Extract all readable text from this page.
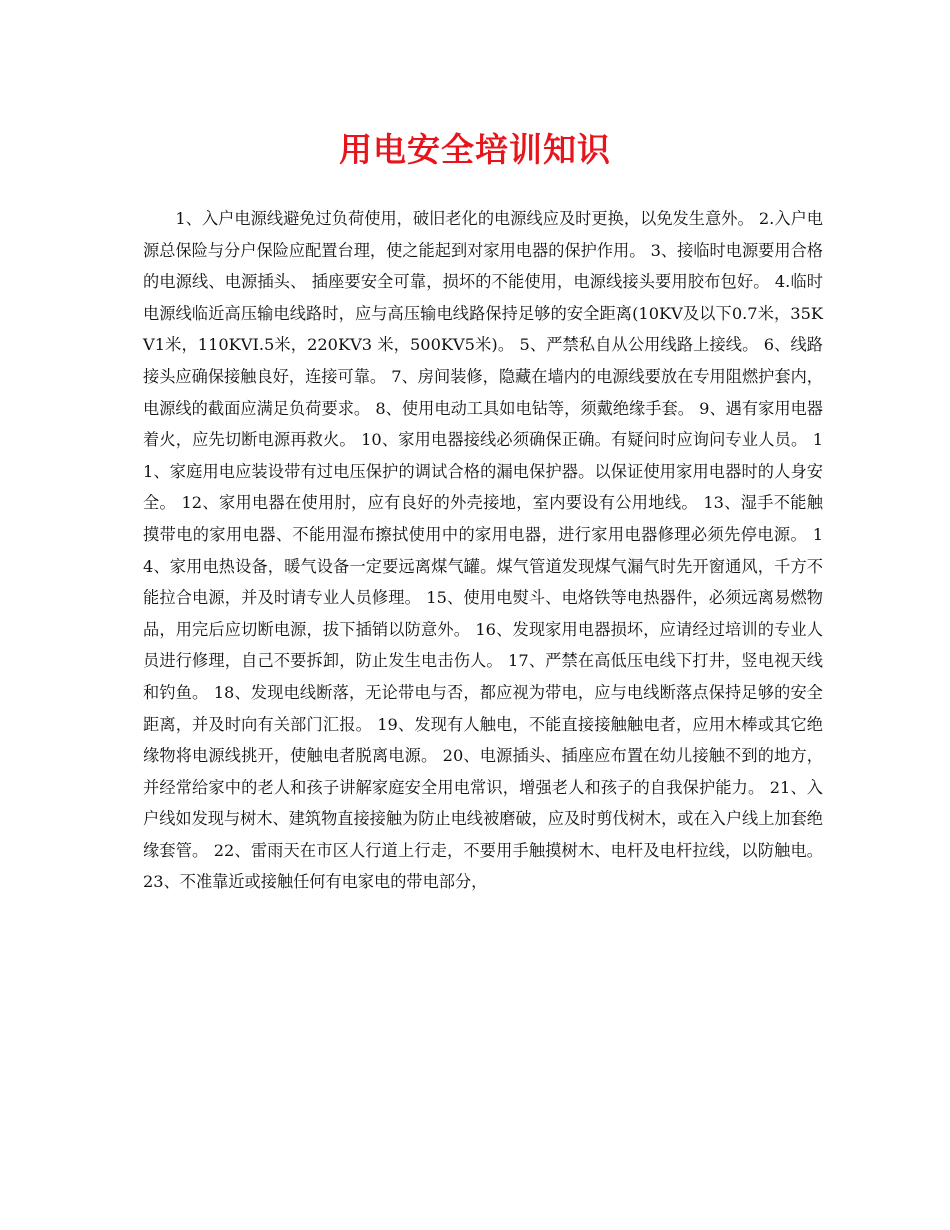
用电安全培训知识

1、入户电源线避免过负荷使用，破旧老化的电源线应及时更换，以免发生意外。 2.入户电源总保险与分户保险应配置台理，使之能起到对家用电器的保护作用。 3、接临时电源要用合格的电源线、电源插头、 插座要安全可靠，损坏的不能使用，电源线接头要用胶布包好。 4.临时电源线临近高压输电线路时，应与高压输电线路保持足够的安全距离(10KV及以下0.7米，35KV1米，110KVI.5米，220KV3 米，500KV5米)。 5、严禁私自从公用线路上接线。 6、线路接头应确保接触良好，连接可靠。 7、房间装修，隐藏在墙内的电源线要放在专用阻燃护套内，电源线的截面应满足负荷要求。 8、使用电动工具如电钻等，须戴绝缘手套。 9、遇有家用电器着火，应先切断电源再救火。 10、家用电器接线必须确保正确。有疑问时应询问专业人员。 11、家庭用电应装设带有过电压保护的调试合格的漏电保护器。以保证使用家用电器时的人身安全。 12、家用电器在使用肘，应有良好的外壳接地，室内要设有公用地线。 13、湿手不能触摸带电的家用电器、不能用湿布擦拭使用中的家用电器，进行家用电器修理必须先停电源。 14、家用电热设备，暖气设备一定要远离煤气罐。煤气管道发现煤气漏气时先开窗通风，千方不能拉合电源，并及时请专业人员修理。 15、使用电熨斗、电烙铁等电热器件，必须远离易燃物品，用完后应切断电源，拔下插销以防意外。 16、发现家用电器损坏，应请经过培训的专业人员进行修理，自己不要拆卸，防止发生电击伤人。 17、严禁在高低压电线下打井，竖电视天线和钓鱼。 18、发现电线断落，无论带电与否，都应视为带电，应与电线断落点保持足够的安全距离，并及时向有关部门汇报。 19、发现有人触电，不能直接接触触电者，应用木棒或其它绝缘物将电源线挑开，使触电者脱离电源。 20、电源插头、插座应布置在幼儿接触不到的地方，并经常给家中的老人和孩子讲解家庭安全用电常识，增强老人和孩子的自我保护能力。 21、入户线如发现与树木、建筑物直接接触为防止电线被磨破，应及时剪伐树木，或在入户线上加套绝缘套管。 22、雷雨天在市区人行道上行走，不要用手触摸树木、电杆及电杆拉线，以防触电。 23、不准靠近或接触任何有电家电的带电部分，
